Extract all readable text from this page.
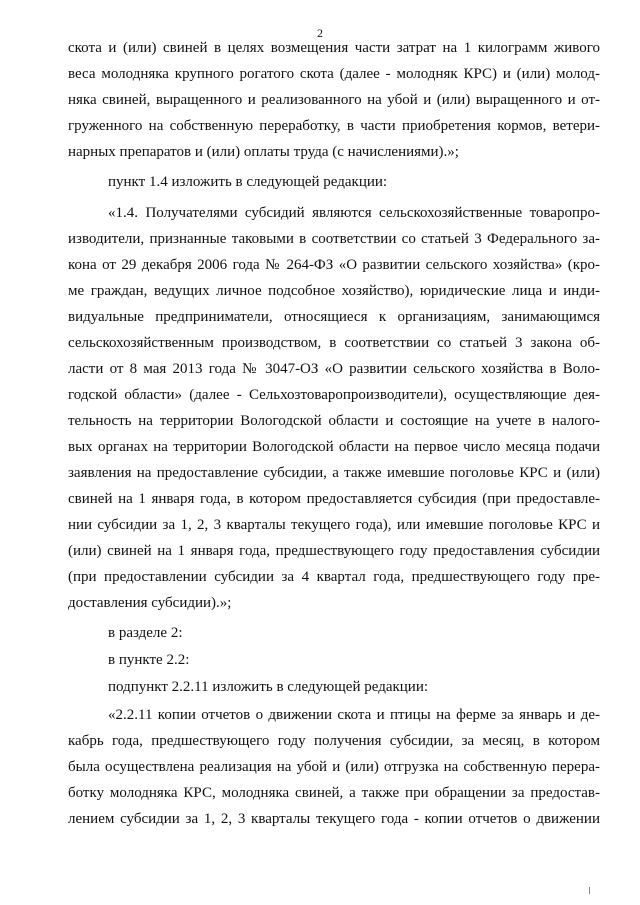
2
скота и (или) свиней в целях возмещения части затрат на 1 килограмм живого
веса молодняка крупного рогатого скота (далее - молодняк КРС) и (или) молод-
няка свиней, выращенного и реализованного на убой и (или) выращенного и от-
груженного на собственную переработку, в части приобретения кормов, ветери-
нарных препаратов и (или) оплаты труда (с начислениями).»;
пункт 1.4 изложить в следующей редакции:
«1.4. Получателями субсидий являются сельскохозяйственные товаропро-
изводители, признанные таковыми в соответствии со статьей 3 Федерального за-
кона от 29 декабря 2006 года № 264-ФЗ «О развитии сельского хозяйства» (кро-
ме граждан, ведущих личное подсобное хозяйство), юридические лица и инди-
видуальные предприниматели, относящиеся к организациям, занимающимся
сельскохозяйственным производством, в соответствии со статьей 3 закона об-
ласти от 8 мая 2013 года № 3047-ОЗ «О развитии сельского хозяйства в Воло-
годской области» (далее - Сельхозтоваропроизводители), осуществляющие дея-
тельность на территории Вологодской области и состоящие на учете в налого-
вых органах на территории Вологодской области на первое число месяца подачи
заявления на предоставление субсидии, а также имевшие поголовье КРС и (или)
свиней на 1 января года, в котором предоставляется субсидия (при предоставле-
нии субсидии за 1, 2, 3 кварталы текущего года), или имевшие поголовье КРС и
(или) свиней на 1 января года, предшествующего году предоставления субсидии
(при предоставлении субсидии за 4 квартал года, предшествующего году пре-
доставления субсидии).»;
в разделе 2:
в пункте 2.2:
подпункт 2.2.11 изложить в следующей редакции:
«2.2.11 копии отчетов о движении скота и птицы на ферме за январь и де-
кабрь года, предшествующего году получения субсидии, за месяц, в котором
была осуществлена реализация на убой и (или) отгрузка на собственную перера-
ботку молодняка КРС, молодняка свиней, а также при обращении за предостав-
лением субсидии за 1, 2, 3 кварталы текущего года - копии отчетов о движении
